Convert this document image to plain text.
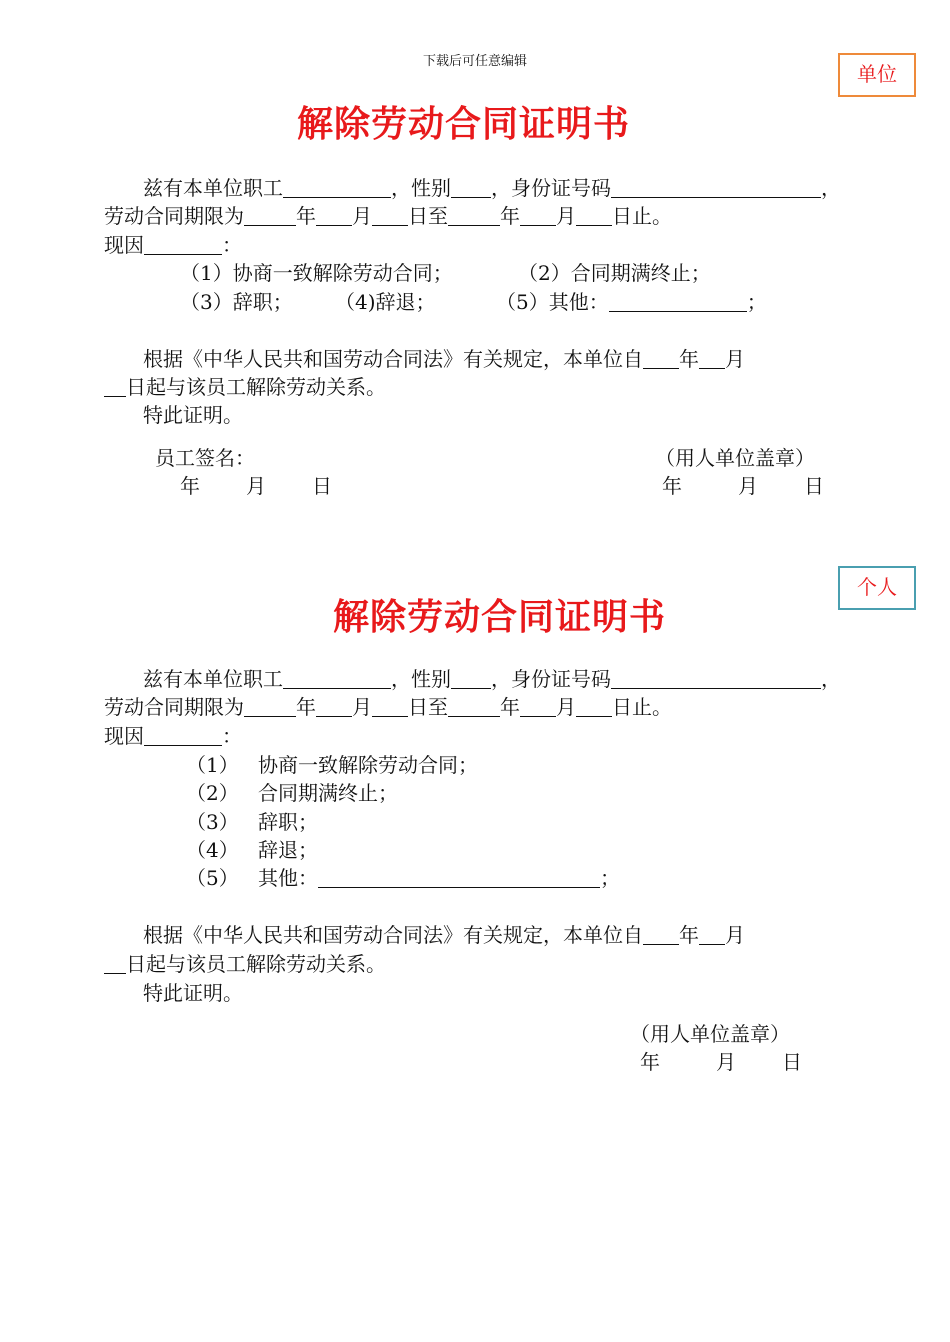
下载后可任意编辑
单位
解除劳动合同证明书
兹有本单位职工	，性别 ，身份证号码	，
劳动合同期限为	年 月 日至	年 月 日止。
现因	：
（1）协商一致解除劳动合同；	（2）合同期满终止；
（3）辞职； （4)辞退；	（5）其他：	；
根据《中华人民共和国劳动合同法》有关规定，本单位自 年 月
日起与该员工解除劳动关系。
特此证明。
员工签名：	（用人单位盖章）
年 月 日	年	月 日
个人
解除劳动合同证明书
兹有本单位职工	，性别 ，身份证号码	，
劳动合同期限为	年 月 日至	年 月 日止。
现因	：
（1） 协商一致解除劳动合同；
（2） 合同期满终止；
（3） 辞职；
（4） 辞退；
（5） 其他：	；
根据《中华人民共和国劳动合同法》有关规定，本单位自 年 月
日起与该员工解除劳动关系。
特此证明。
（用人单位盖章）
年	月 日
